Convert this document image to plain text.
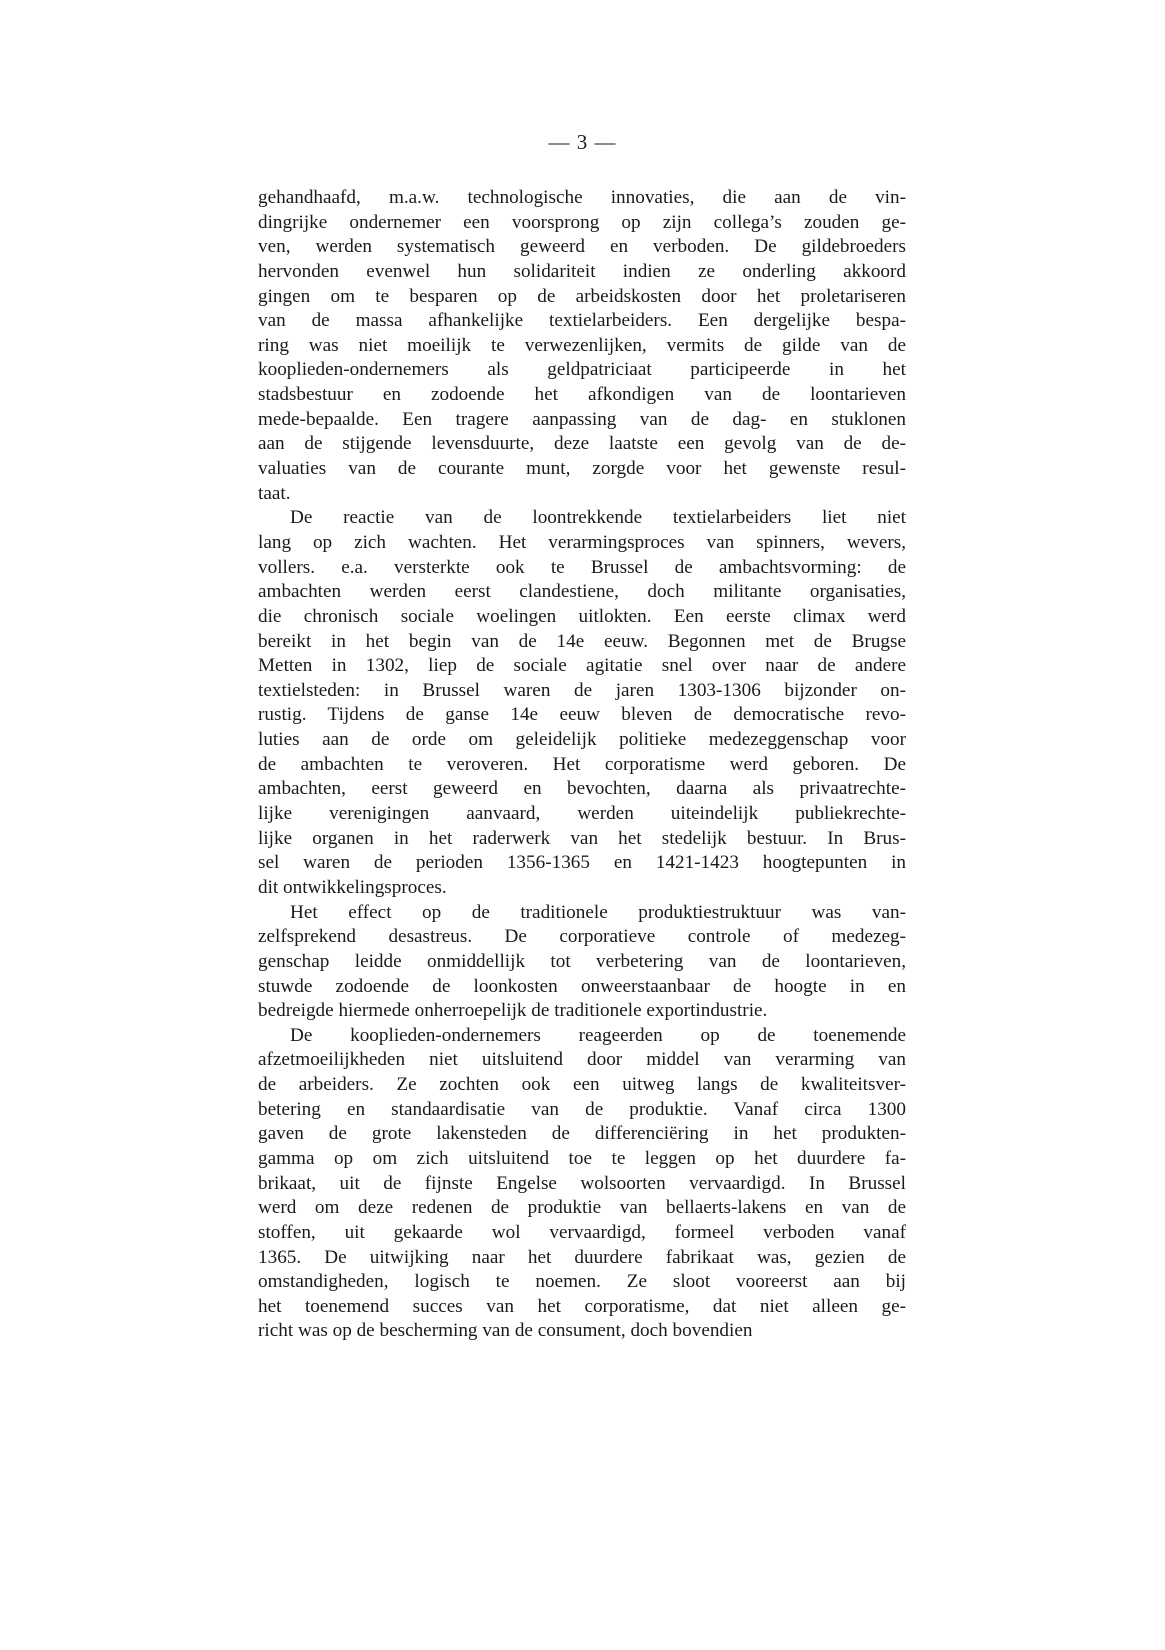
— 3 —
gehandhaafd, m.a.w. technologische innovaties, die aan de vin-
dingrijke ondernemer een voorsprong op zijn collega’s zouden ge-
ven, werden systematisch geweerd en verboden. De gildebroeders
hervonden evenwel hun solidariteit indien ze onderling akkoord
gingen om te besparen op de arbeidskosten door het proletariseren
van de massa afhankelijke textielarbeiders. Een dergelijke bespa-
ring was niet moeilijk te verwezenlijken, vermits de gilde van de
kooplieden-ondernemers als geldpatriciaat participeerde in het
stadsbestuur en zodoende het afkondigen van de loontarieven
mede-bepaalde. Een tragere aanpassing van de dag- en stuklonen
aan de stijgende levensduurte, deze laatste een gevolg van de de-
valuaties van de courante munt, zorgde voor het gewenste resul-
taat.
De reactie van de loontrekkende textielarbeiders liet niet
lang op zich wachten. Het verarmingsproces van spinners, wevers,
vollers. e.a. versterkte ook te Brussel de ambachtsvorming: de
ambachten werden eerst clandestiene, doch militante organisaties,
die chronisch sociale woelingen uitlokten. Een eerste climax werd
bereikt in het begin van de 14e eeuw. Begonnen met de Brugse
Metten in 1302, liep de sociale agitatie snel over naar de andere
textielsteden: in Brussel waren de jaren 1303-1306 bijzonder on-
rustig. Tijdens de ganse 14e eeuw bleven de democratische revo-
luties aan de orde om geleidelijk politieke medezeggenschap voor
de ambachten te veroveren. Het corporatisme werd geboren. De
ambachten, eerst geweerd en bevochten, daarna als privaatrechte-
lijke verenigingen aanvaard, werden uiteindelijk publiekrechte-
lijke organen in het raderwerk van het stedelijk bestuur. In Brus-
sel waren de perioden 1356-1365 en 1421-1423 hoogtepunten in
dit ontwikkelingsproces.
Het effect op de traditionele produktiestruktuur was van-
zelfsprekend desastreus. De corporatieve controle of medezeg-
genschap leidde onmiddellijk tot verbetering van de loontarieven,
stuwde zodoende de loonkosten onweerstaanbaar de hoogte in en
bedreigde hiermede onherroepelijk de traditionele exportindustrie.
De kooplieden-ondernemers reageerden op de toenemende
afzetmoeilijkheden niet uitsluitend door middel van verarming van
de arbeiders. Ze zochten ook een uitweg langs de kwaliteitsver-
betering en standaardisatie van de produktie. Vanaf circa 1300
gaven de grote lakensteden de differenciëring in het produkten-
gamma op om zich uitsluitend toe te leggen op het duurdere fa-
brikaat, uit de fijnste Engelse wolsoorten vervaardigd. In Brussel
werd om deze redenen de produktie van bellaerts-lakens en van de
stoffen, uit gekaarde wol vervaardigd, formeel verboden vanaf
1365. De uitwijking naar het duurdere fabrikaat was, gezien de
omstandigheden, logisch te noemen. Ze sloot vooreerst aan bij
het toenemend succes van het corporatisme, dat niet alleen ge-
richt was op de bescherming van de consument, doch bovendien
